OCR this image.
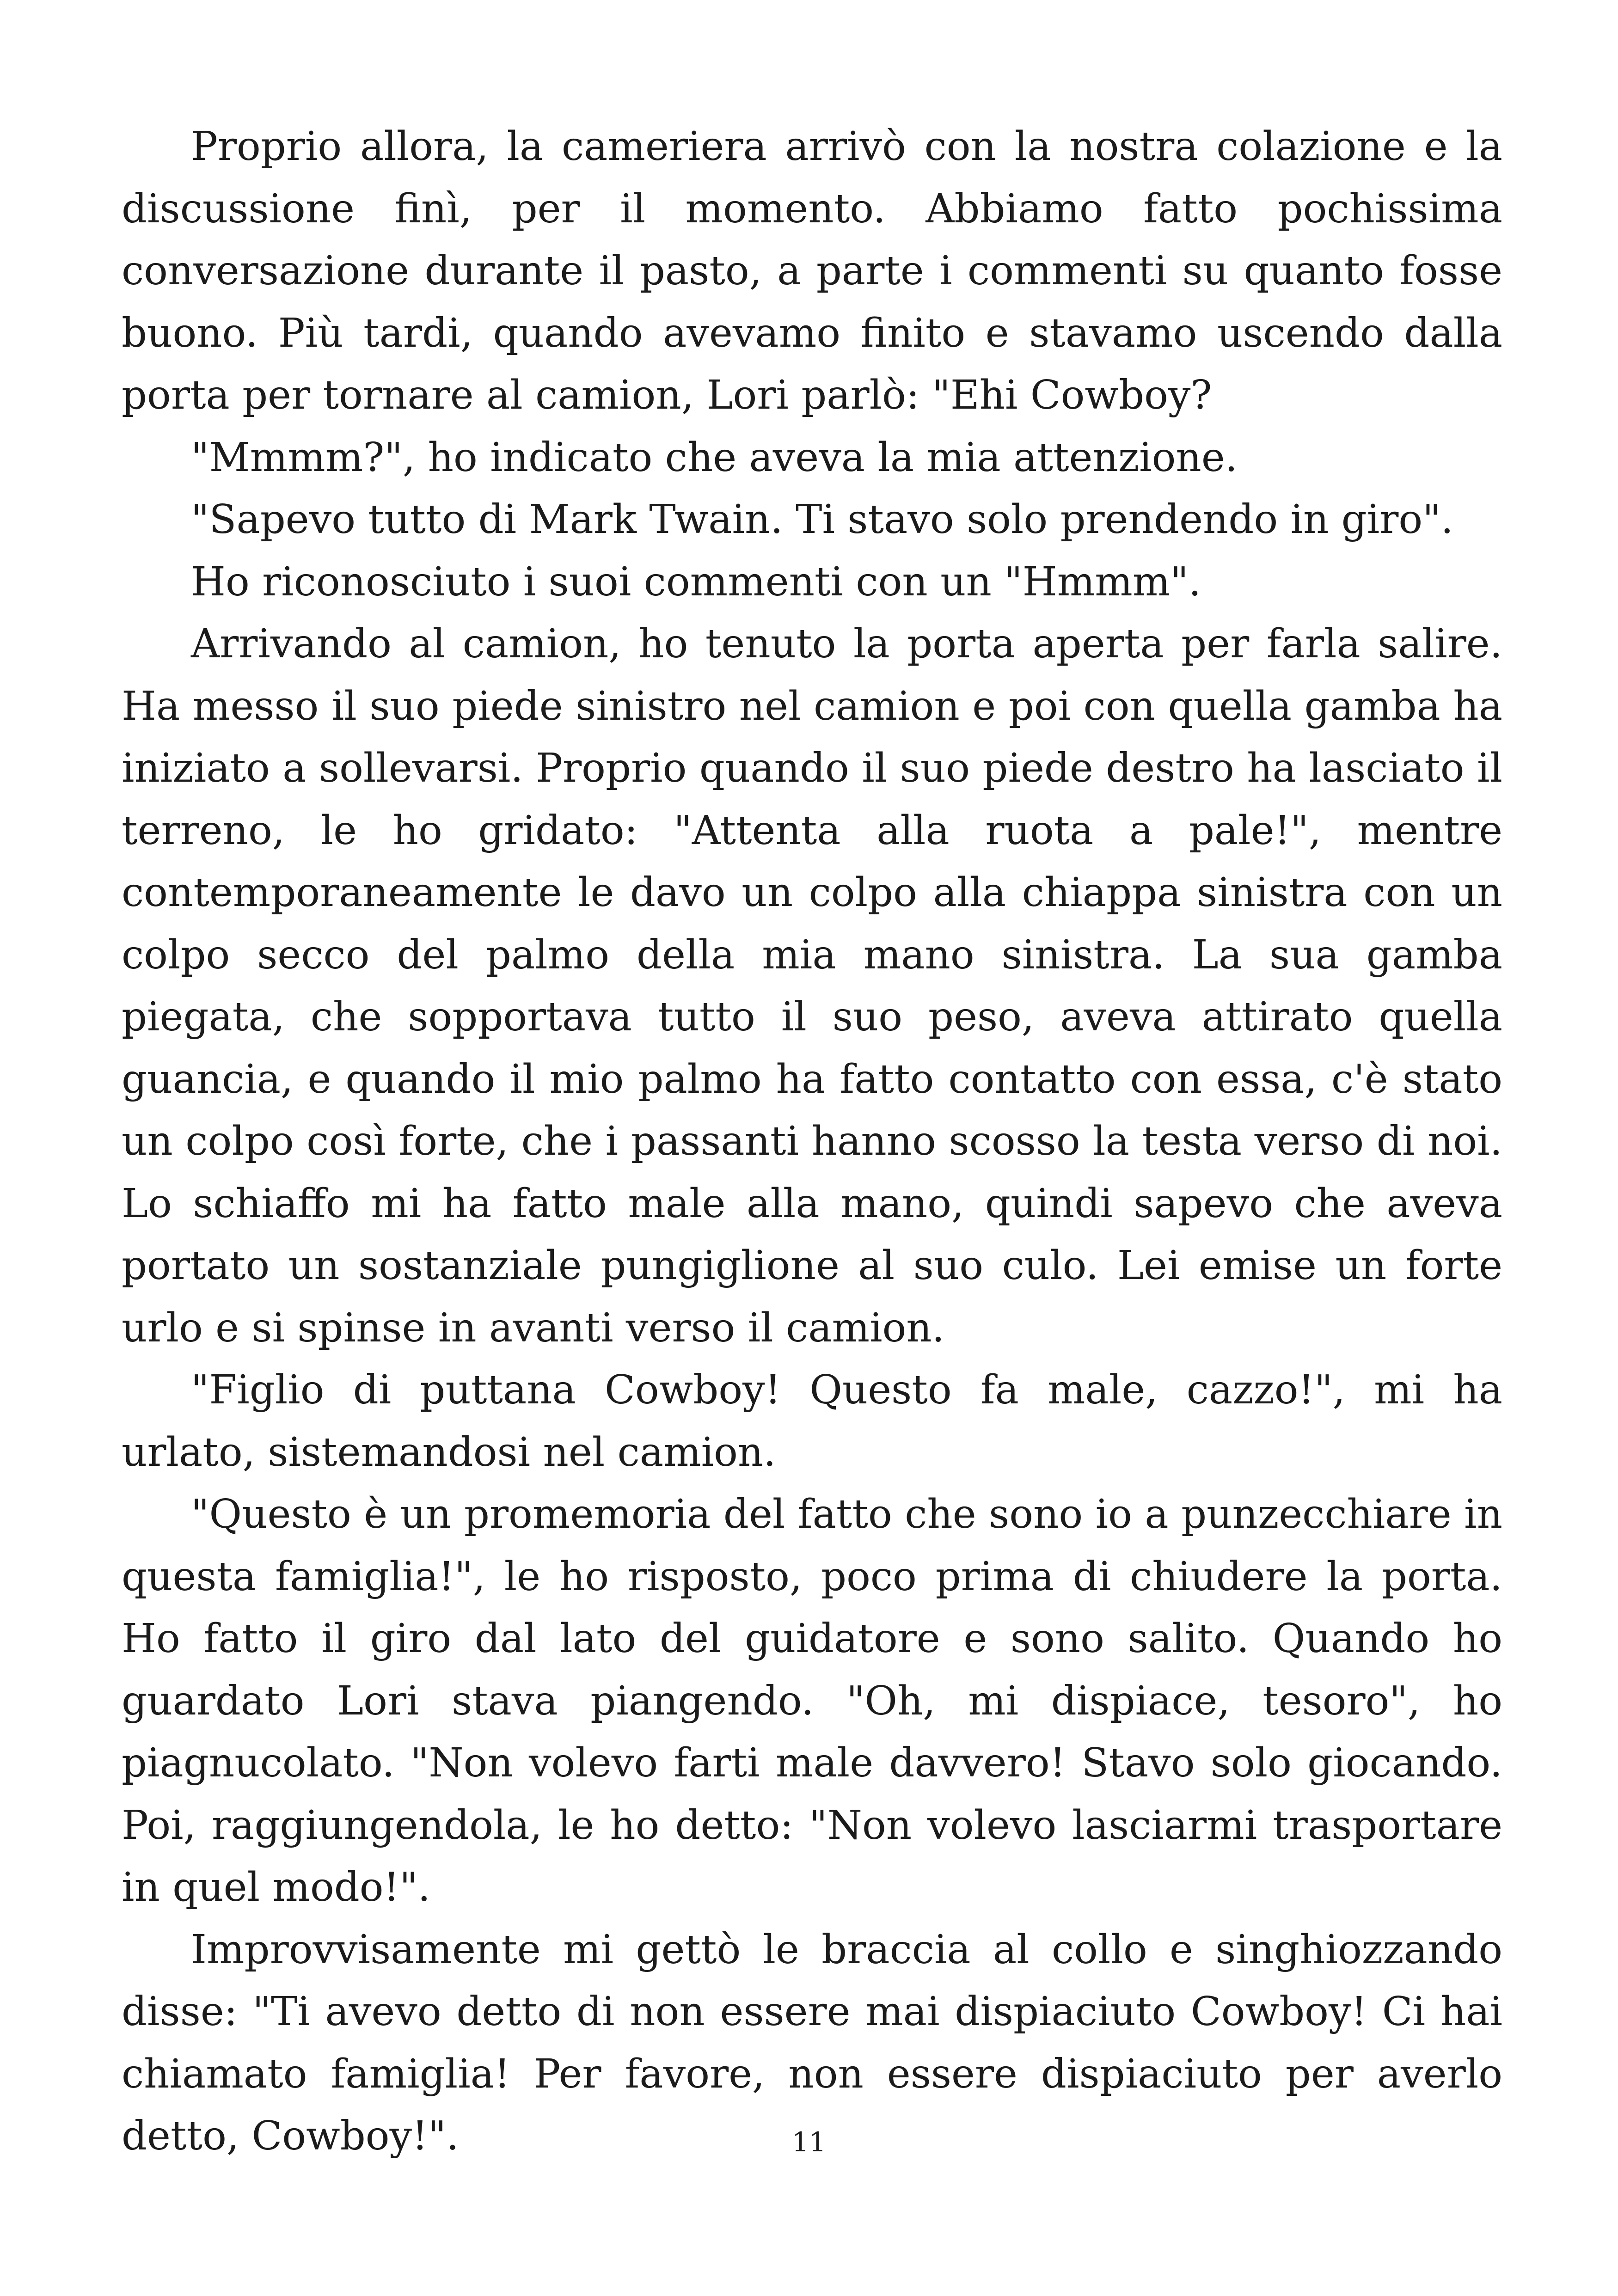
Proprio allora, la cameriera arrivò con la nostra colazione e la discussione finì, per il momento. Abbiamo fatto pochissima conversazione durante il pasto, a parte i commenti su quanto fosse buono. Più tardi, quando avevamo finito e stavamo uscendo dalla porta per tornare al camion, Lori parlò: "Ehi Cowboy?

"Mmmm?", ho indicato che aveva la mia attenzione.

"Sapevo tutto di Mark Twain. Ti stavo solo prendendo in giro".

Ho riconosciuto i suoi commenti con un "Hmmm".

Arrivando al camion, ho tenuto la porta aperta per farla salire. Ha messo il suo piede sinistro nel camion e poi con quella gamba ha iniziato a sollevarsi. Proprio quando il suo piede destro ha lasciato il terreno, le ho gridato: "Attenta alla ruota a pale!", mentre contemporaneamente le davo un colpo alla chiappa sinistra con un colpo secco del palmo della mia mano sinistra. La sua gamba piegata, che sopportava tutto il suo peso, aveva attirato quella guancia, e quando il mio palmo ha fatto contatto con essa, c'è stato un colpo così forte, che i passanti hanno scosso la testa verso di noi. Lo schiaffo mi ha fatto male alla mano, quindi sapevo che aveva portato un sostanziale pungiglione al suo culo. Lei emise un forte urlo e si spinse in avanti verso il camion.

"Figlio di puttana Cowboy! Questo fa male, cazzo!", mi ha urlato, sistemandosi nel camion.

"Questo è un promemoria del fatto che sono io a punzecchiare in questa famiglia!", le ho risposto, poco prima di chiudere la porta. Ho fatto il giro dal lato del guidatore e sono salito. Quando ho guardato Lori stava piangendo. "Oh, mi dispiace, tesoro", ho piagnucolato. "Non volevo farti male davvero! Stavo solo giocando. Poi, raggiungendola, le ho detto: "Non volevo lasciarmi trasportare in quel modo!".

Improvvisamente mi gettò le braccia al collo e singhiozzando disse: "Ti avevo detto di non essere mai dispiaciuto Cowboy! Ci hai chiamato famiglia! Per favore, non essere dispiaciuto per averlo detto, Cowboy!".	11
